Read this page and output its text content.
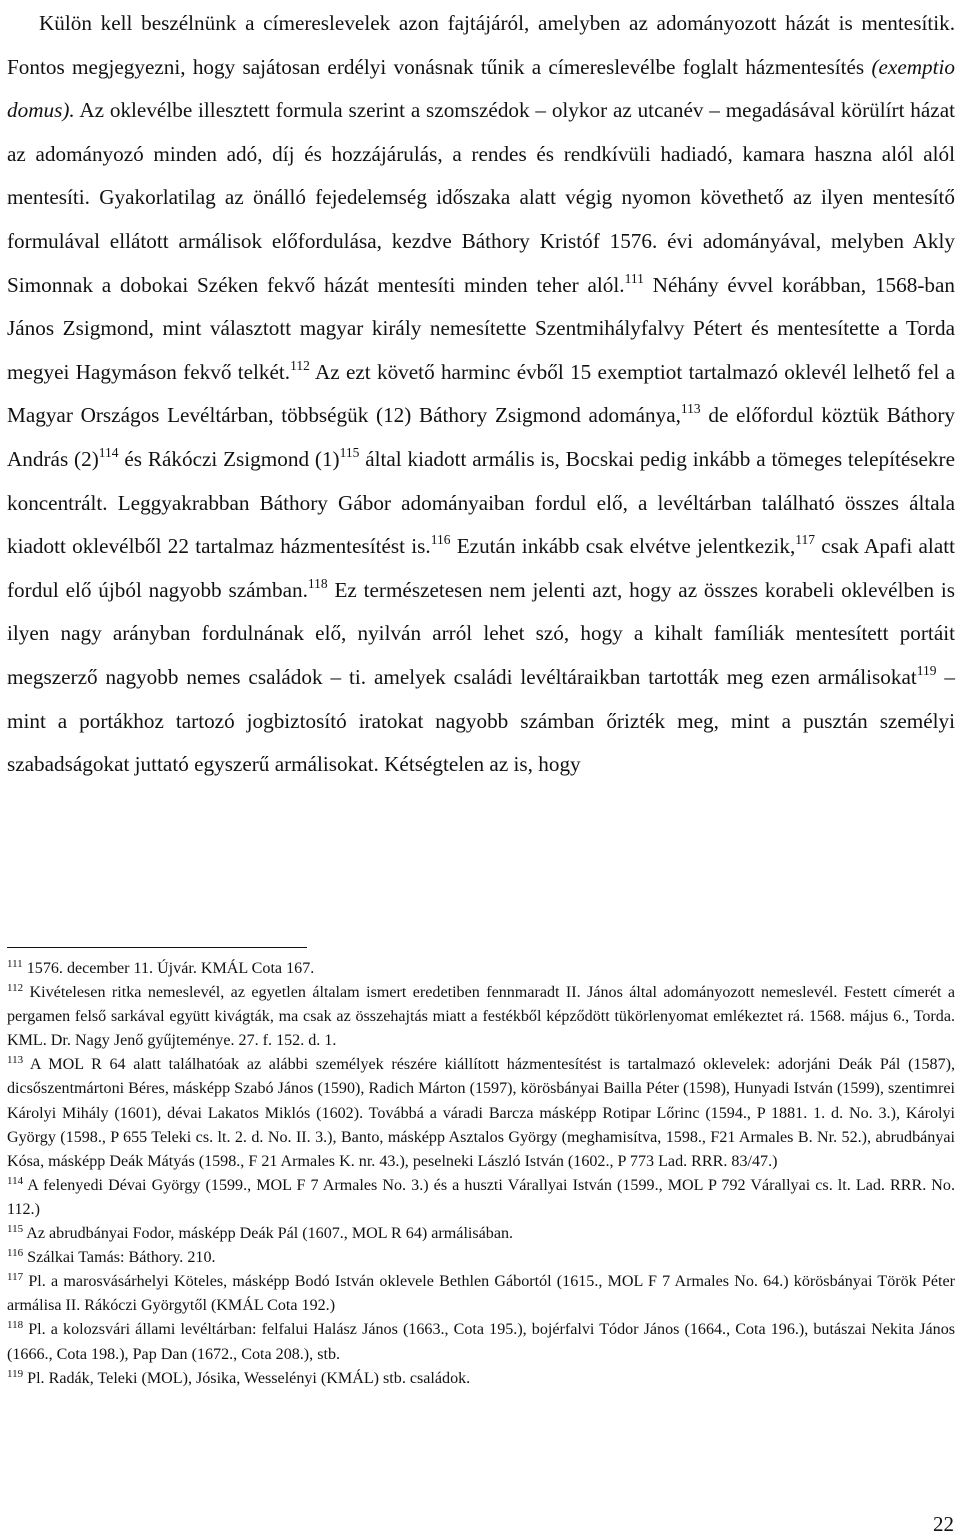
Külön kell beszélnünk a címereslevelek azon fajtájáról, amelyben az adományozott házát is mentesítik. Fontos megjegyezni, hogy sajátosan erdélyi vonásnak tűnik a címereslevélbe foglalt házmentesítés (exemptio domus). Az oklevélbe illesztett formula szerint a szomszédok – olykor az utcanév – megadásával körülírt házat az adományozó minden adó, díj és hozzájárulás, a rendes és rendkívüli hadiadó, kamara haszna alól alól mentesíti. Gyakorlatilag az önálló fejedelemség időszaka alatt végig nyomon követhető az ilyen mentesítő formulával ellátott armálisok előfordulása, kezdve Báthory Kristóf 1576. évi adományával, melyben Akly Simonnak a dobokai Széken fekvő házát mentesíti minden teher alól.$^{111}$ Néhány évvel korábban, 1568-ban János Zsigmond, mint választott magyar király nemesítette Szentmihályfalvy Pétert és mentesítette a Torda megyei Hagymáson fekvő telkét.$^{112}$ Az ezt követő harminc évből 15 exemptiot tartalmazó oklevél lelhető fel a Magyar Országos Levéltárban, többségük (12) Báthory Zsigmond adománya,$^{113}$ de előfordul köztük Báthory András $(2)^{114}$ és Rákóczi Zsigmond $(1)^{115}$ által kiadott armális is, Bocskai pedig inkább a tömeges telepítésekre koncentrált. Leggyakrabban Báthory Gábor adományaiban fordul elő, a levéltárban található összes általa kiadott oklevélből 22 tartalmaz házmentesítést is.$^{116}$ Ezután inkább csak elvétve jelentkezik,$^{117}$ csak Apafi alatt fordul elő újból nagyobb számban.$^{118}$ Ez természetesen nem jelenti azt, hogy az összes korabeli oklevélben is ilyen nagy arányban fordulnának elő, nyilván arról lehet szó, hogy a kihalt famíliák mentesített portáit megszerző nagyobb nemes családok – ti. amelyek családi levéltáraikban tartották meg ezen armálisokat$^{119}$ – mint a portákhoz tartozó jogbiztosító iratokat nagyobb számban őrizték meg, mint a pusztán személyi szabadságokat juttató egyszerű armálisokat. Kétségtelen az is, hogy

$^{111}$ 1576. december 11. Újvár. KMÁL Cota 167.

$^{112}$ Kivételesen ritka nemeslevél, az egyetlen általam ismert eredetiben fennmaradt II. János által adományozott nemeslevél. Festett címerét a pergamen felső sarkával együtt kivágták, ma csak az összehajtás miatt a festékből képződött tükörlenyomat emlékeztet rá. 1568. május 6., Torda. KML. Dr. Nagy Jenő gyűjteménye. 27. f. 152. d. 1.

$^{113}$ A MOL R 64 alatt találhatóak az alábbi személyek részére kiállított házmentesítést is tartalmazó oklevelek: adorjáni Deák Pál (1587), dicsőszentmártoni Béres, másképp Szabó János (1590), Radich Márton (1597), körösbányai Bailla Péter (1598), Hunyadi István (1599), szentimrei Károlyi Mihály (1601), dévai Lakatos Miklós (1602). Továbbá a váradi Barcza másképp Rotipar Lőrinc (1594., P 1881. 1. d. No. 3.), Károlyi György (1598., P 655 Teleki cs. lt. 2. d. No. II. 3.), Banto, másképp Asztalos György (meghamisítva, 1598., F21 Armales B. Nr. 52.), abrudbányai Kósa, másképp Deák Mátyás (1598., F 21 Armales K. nr. 43.), peselneki László István (1602., P 773 Lad. RRR. 83/47.)

$^{114}$ A felenyedi Dévai György (1599., MOL F 7 Armales No. 3.) és a huszti Várallyai István (1599., MOL P 792 Várallyai cs. lt. Lad. RRR. No. 112.)

$^{115}$ Az abrudbányai Fodor, másképp Deák Pál (1607., MOL R 64) armálisában.

$^{116}$ Szálkai Tamás: Báthory. 210.

$^{117}$ Pl. a marosvásárhelyi Köteles, másképp Bodó István oklevele Bethlen Gábortól (1615., MOL F 7 Armales No. 64.) körösbányai Török Péter armálisa II. Rákóczi Györgytől (KMÁL Cota 192.)

$^{118}$ Pl. a kolozsvári állami levéltárban: felfalui Halász János (1663., Cota 195.), bojérfalvi Tódor János (1664., Cota 196.), butászai Nekita János (1666., Cota 198.), Pap Dan (1672., Cota 208.), stb.

$^{119}$ Pl. Radák, Teleki (MOL), Jósika, Wesselényi (KMÁL) stb. családok.

22
